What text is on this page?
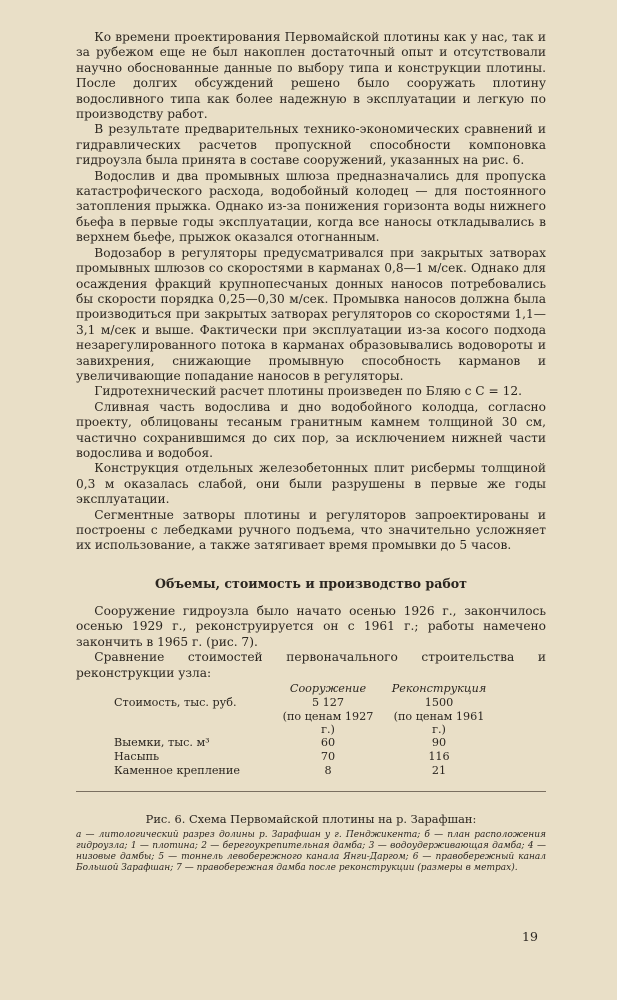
Ко времени проектирования Первомайской плотины как у нас, так и за рубежом еще не был накоплен достаточный опыт и отсутствовали научно обоснованные данные по выбору типа и конструкции плотины. После долгих обсуждений решено было сооружать плотину водосливного типа как более надежную в эксплуатации и легкую по производству работ.

В результате предварительных технико-экономических сравнений и гидравлических расчетов пропускной способности компоновка гидроузла была принята в составе сооружений, указанных на рис. 6.

Водослив и два промывных шлюза предназначались для пропуска катастрофического расхода, водобойный колодец — для постоянного затопления прыжка. Однако из-за понижения горизонта воды нижнего бьефа в первые годы эксплуатации, когда все наносы откладывались в верхнем бьефе, прыжок оказался отогнанным.

Водозабор в регуляторы предусматривался при закрытых затворах промывных шлюзов со скоростями в карманах 0,8—1 м/сек. Однако для осаждения фракций крупнопесчаных донных наносов потребовались бы скорости порядка 0,25—0,30 м/сек. Промывка наносов должна была производиться при закрытых затворах регуляторов со скоростями 1,1—3,1 м/сек и выше. Фактически при эксплуатации из-за косого подхода незарегулированного потока в карманах образовывались водовороты и завихрения, снижающие промывную способность карманов и увеличивающие попадание наносов в регуляторы.

Гидротехнический расчет плотины произведен по Бляю с C = 12.

Сливная часть водослива и дно водобойного колодца, согласно проекту, облицованы тесаным гранитным камнем толщиной 30 см, частично сохранившимся до сих пор, за исключением нижней части водослива и водобоя.

Конструкция отдельных железобетонных плит рисбермы толщиной 0,3 м оказалась слабой, они были разрушены в первые же годы эксплуатации.

Сегментные затворы плотины и регуляторов запроектированы и построены с лебедками ручного подъема, что значительно усложняет их использование, а также затягивает время промывки до 5 часов.

Объемы, стоимость и производство работ

Сооружение гидроузла было начато осенью 1926 г., закончилось осенью 1929 г., реконструируется он с 1961 г.; работы намечено закончить в 1965 г. (рис. 7).

Сравнение стоимостей первоначального строительства и реконструкции узла:

	Сооружение	Реконструкция
Стоимость, тыс. руб.	5 127	1500
	(по ценам 1927 г.)	(по ценам 1961 г.)
Выемки, тыс. м³	60	90
Насыпь	70	116
Каменное крепление	8	21
Рис. 6. Схема Первомайской плотины на р. Зарафшан:
а — литологический разрез долины р. Зарафшан у г. Пенджикента; б — план расположения гидроузла; 1 — плотина; 2 — берегоукрепительная дамба; 3 — водоудерживающая дамба; 4 — низовые дамбы; 5 — тоннель левобережного канала Янги-Даргом; 6 — правобережный канал Большой Зарафшан; 7 — правобережная дамба после реконструкции (размеры в метрах).
19
